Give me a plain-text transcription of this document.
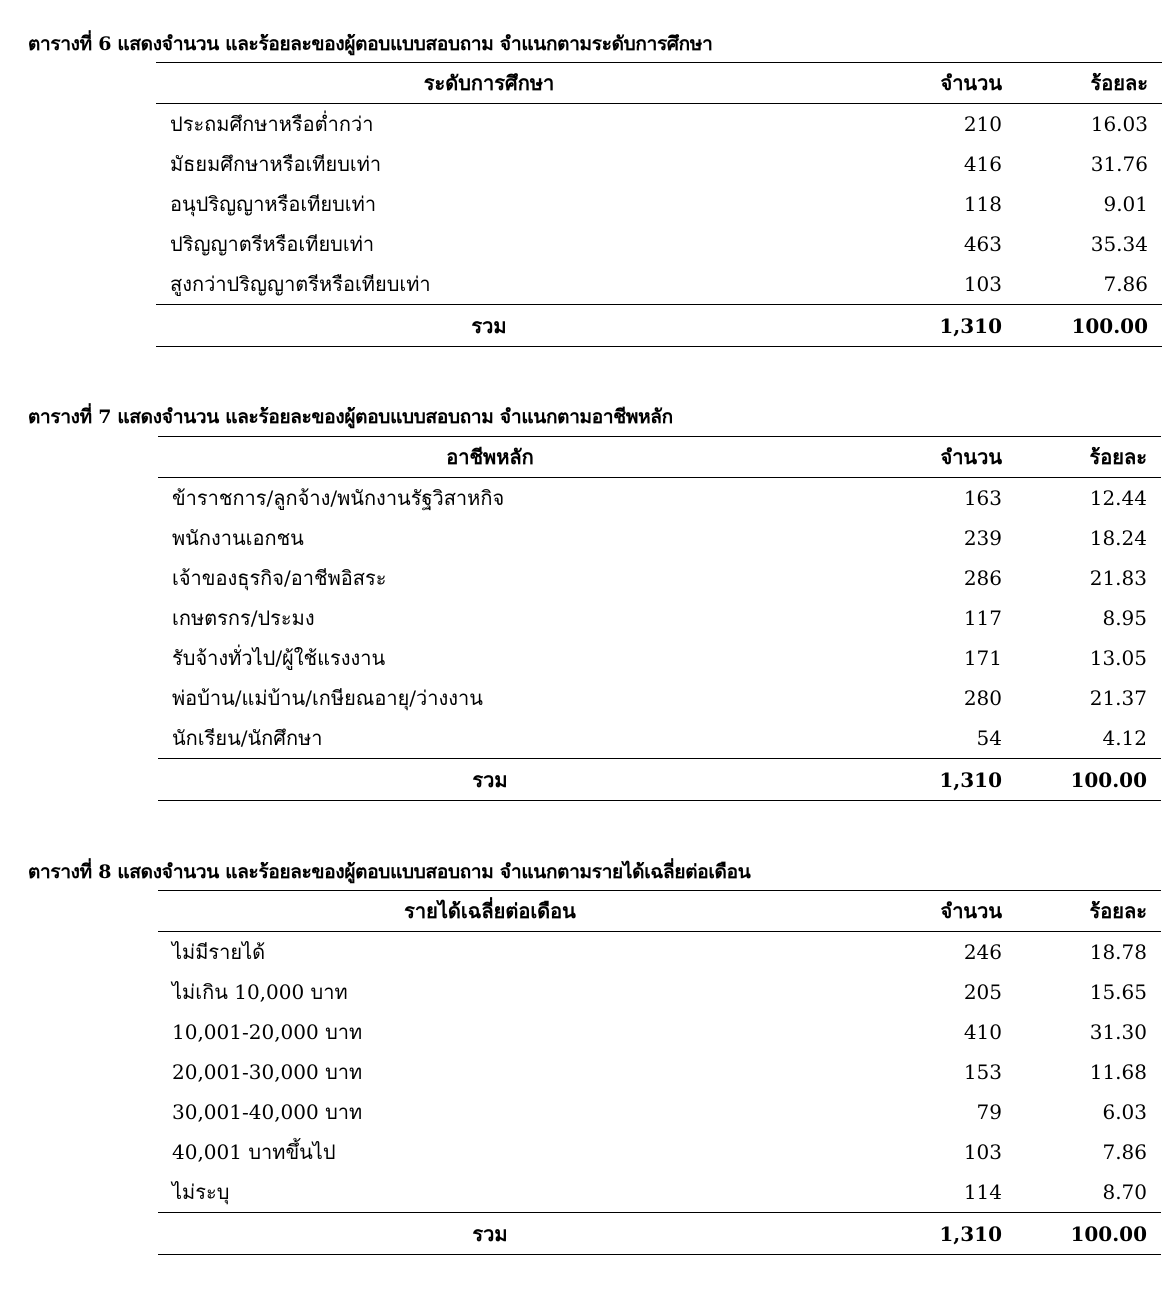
ตารางที่ 6 แสดงจำนวน และร้อยละของผู้ตอบแบบสอบถาม จำแนกตามระดับการศึกษา
ระดับการศึกษา	จำนวน	ร้อยละ
ประถมศึกษาหรือต่ำกว่า	210	16.03
มัธยมศึกษาหรือเทียบเท่า	416	31.76
อนุปริญญาหรือเทียบเท่า	118	9.01
ปริญญาตรีหรือเทียบเท่า	463	35.34
สูงกว่าปริญญาตรีหรือเทียบเท่า	103	7.86
รวม	1,310	100.00
ตารางที่ 7 แสดงจำนวน และร้อยละของผู้ตอบแบบสอบถาม จำแนกตามอาชีพหลัก
อาชีพหลัก	จำนวน	ร้อยละ
ข้าราชการ/ลูกจ้าง/พนักงานรัฐวิสาหกิจ	163	12.44
พนักงานเอกชน	239	18.24
เจ้าของธุรกิจ/อาชีพอิสระ	286	21.83
เกษตรกร/ประมง	117	8.95
รับจ้างทั่วไป/ผู้ใช้แรงงาน	171	13.05
พ่อบ้าน/แม่บ้าน/เกษียณอายุ/ว่างงาน	280	21.37
นักเรียน/นักศึกษา	54	4.12
รวม	1,310	100.00
ตารางที่ 8 แสดงจำนวน และร้อยละของผู้ตอบแบบสอบถาม จำแนกตามรายได้เฉลี่ยต่อเดือน
รายได้เฉลี่ยต่อเดือน	จำนวน	ร้อยละ
ไม่มีรายได้	246	18.78
ไม่เกิน 10,000 บาท	205	15.65
10,001-20,000 บาท	410	31.30
20,001-30,000 บาท	153	11.68
30,001-40,000 บาท	79	6.03
40,001 บาทขึ้นไป	103	7.86
ไม่ระบุ	114	8.70
รวม	1,310	100.00
